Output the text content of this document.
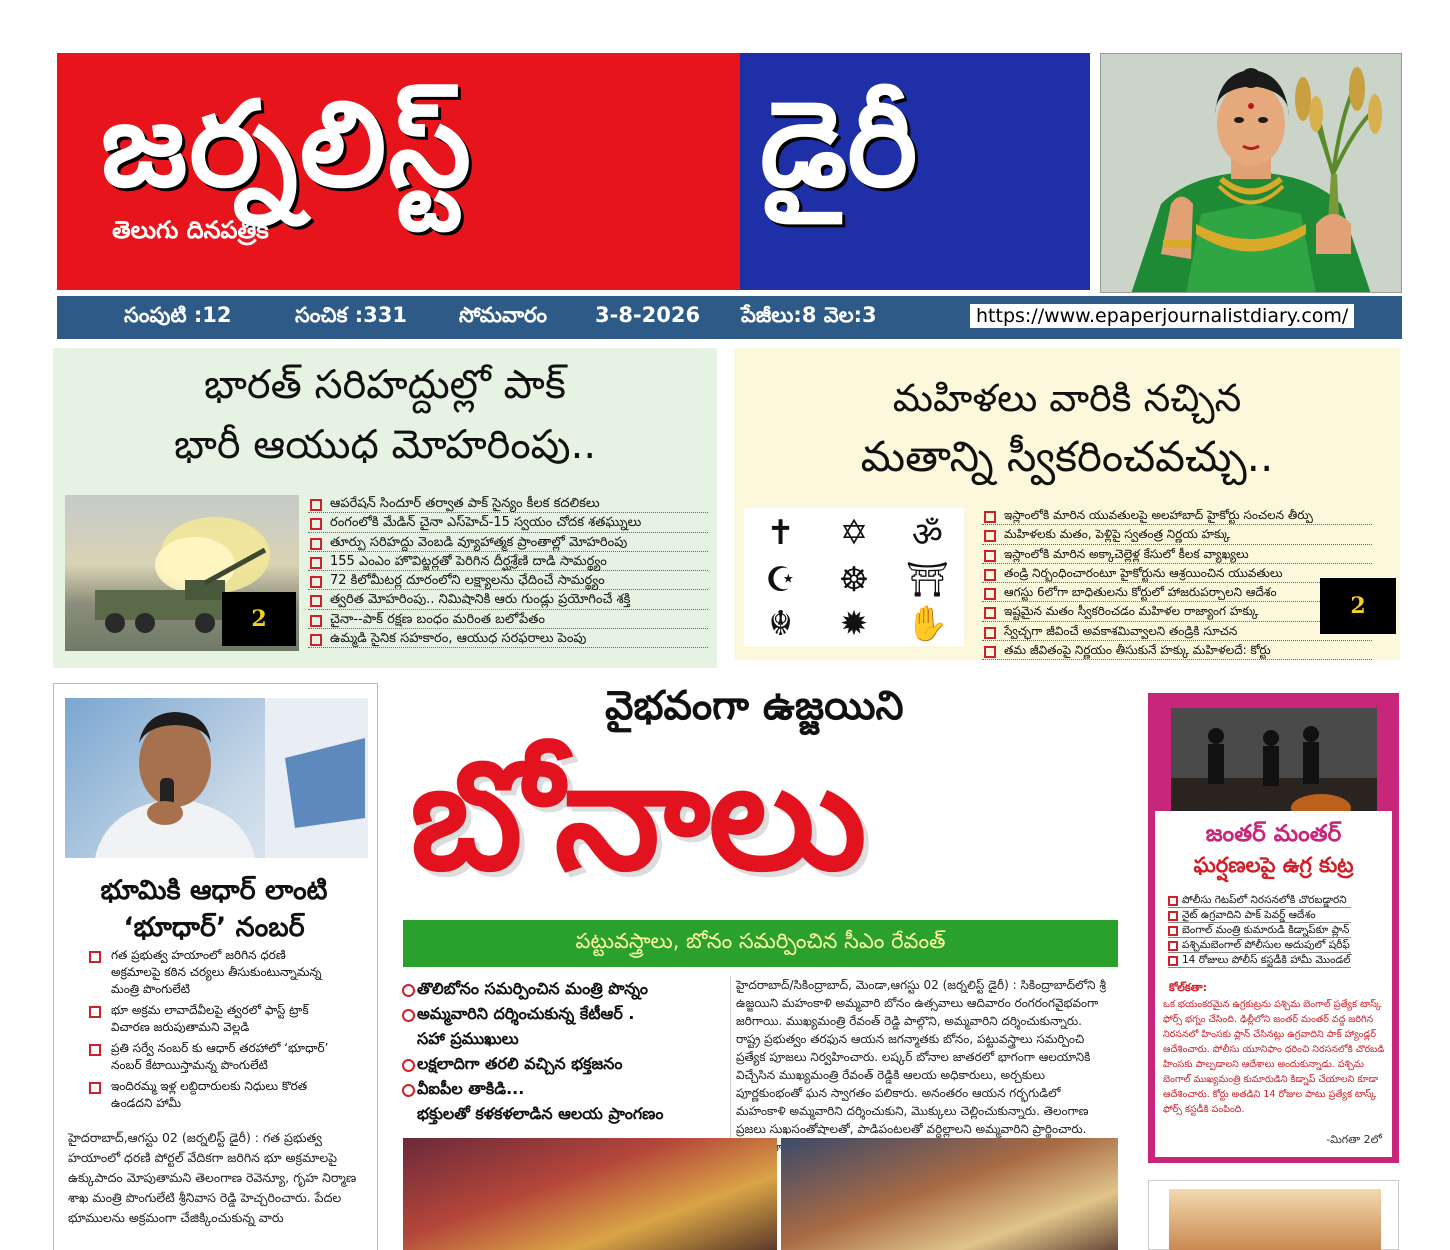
జర్నలిస్ట్
తెలుగు దినపత్రిక
డైరీ
సంపుటి :12	సంచిక :331 సోమవారం 3-8-2026 పేజీలు:8 వెల:3	https://www.epaperjournalistdiary.com/
భారత్ సరిహద్దుల్లో పాక్
భారీ ఆయుధ మోహరింపు..
2
ఆపరేషన్ సిందూర్ తర్వాత పాక్ సైన్యం కీలక కదలికలు
రంగంలోకి మేడిన్ చైనా ఎస్‌హెచ్-15 స్వయం చోదక శతఘ్నులు
తూర్పు సరిహద్దు వెంబడి వ్యూహాత్మక ప్రాంతాల్లో మోహరింపు
155 ఎంఎం హొవిట్జర్లతో పెరిగిన దీర్ఘశ్రేణి దాడి సామర్థ్యం
72 కిలోమీటర్ల దూరంలోని లక్ష్యాలను ఛేదించే సామర్థ్యం
త్వరిత మోహరింపు.. నిమిషానికి ఆరు గుండ్లు ప్రయోగించే శక్తి
చైనా--పాక్ రక్షణ బంధం మరింత బలోపేతం
ఉమ్మడి సైనిక సహకారం, ఆయుధ సరఫరాలు పెంపు
మహిళలు వారికి నచ్చిన
మతాన్ని స్వీకరించవచ్చు..
✝ ✡ ॐ
☪ ☸ ⛩
☬ ✹ ✋
ఇస్లాంలోకి మారిన యువతులపై అలహాబాద్ హైకోర్టు సంచలన తీర్పు
మహిళలకు మతం, పెళ్లిపై స్వతంత్ర నిర్ణయ హక్కు
ఇస్లాంలోకి మారిన అక్కాచెల్లెళ్ల కేసులో కీలక వ్యాఖ్యలు
తండ్రి నిర్బంధించారంటూ హైకోర్టును ఆశ్రయించిన యువతులు
ఆగస్టు 6లోగా బాధితులను కోర్టులో హాజరుపర్చాలని ఆదేశం
ఇష్టమైన మతం స్వీకరించడం మహిళల రాజ్యాంగ హక్కు
స్వేచ్ఛగా జీవించే అవకాశమివ్వాలని తండ్రికి సూచన
తమ జీవితంపై నిర్ణయం తీసుకునే హక్కు మహిళలదే: కోర్టు
2
భూమికి ఆధార్ లాంటి
‘భూధార్’ నంబర్
గత ప్రభుత్వ హయాంలో జరిగిన ధరణి అక్రమాలపై కఠిన చర్యలు తీసుకుంటున్నామన్న మంత్రి పొంగులేటి
భూ అక్రమ లావాదేవీలపై త్వరలో ఫాస్ట్ ట్రాక్ విచారణ జరుపుతామని వెల్లడి
ప్రతి సర్వే నంబర్ కు ఆధార్ తరహాలో ‘భూధార్’ నంబర్ కేటాయిస్తామన్న పొంగులేటి
ఇందిరమ్మ ఇళ్ల లబ్దిదారులకు నిధులు కొరత ఉండదని హామీ
హైదరాబాద్,ఆగస్టు 02 (జర్నలిస్ట్ డైరీ) : గత ప్రభుత్వ హయాంలో ధరణి పోర్టల్ వేదికగా జరిగిన భూ అక్రమాలపై ఉక్కుపాదం మోపుతామని తెలంగాణ రెవెన్యూ, గృహ నిర్మాణ శాఖ మంత్రి పొంగులేటి శ్రీనివాస రెడ్డి హెచ్చరించారు. పేదల భూములను అక్రమంగా చేజిక్కించుకున్న వారు
వైభవంగా ఉజ్జయిని
బోనాలు
పట్టువస్త్రాలు, బోనం సమర్పించిన సీఎం రేవంత్
తొలిబోనం సమర్పించిన మంత్రి పొన్నం
అమ్మవారిని దర్శించుకున్న కేటీఆర్ .
సహా ప్రముఖులు
లక్షలాదిగా తరలి వచ్చిన భక్తజనం
వీఐపీల తాకిడి...
భక్తులతో కళకళలాడిన ఆలయ ప్రాంగణం
హైదరాబాద్/సికింద్రాబాద్, మెండా,ఆగస్టు 02 (జర్నలిస్ట్ డైరీ) : సికింద్రాబాద్‌లోని శ్రీ ఉజ్జయిని మహంకాళి అమ్మవారి బోనం ఉత్సవాలు ఆదివారం రంగరంగవైభవంగా జరిగాయి. ముఖ్యమంత్రి రేవంత్ రెడ్డి పాల్గొని, అమ్మవారిని దర్శించుకున్నారు. రాష్ట్ర ప్రభుత్వం తరఫున ఆయన జగన్మాతకు బోనం, పట్టువస్త్రాలు సమర్పించి ప్రత్యేక పూజలు నిర్వహించారు. లష్కర్ బోనాల జాతరలో భాగంగా ఆలయానికి విచ్చేసిన ముఖ్యమంత్రి రేవంత్ రెడ్డికి ఆలయ అధికారులు, అర్చకులు పూర్ణకుంభంతో ఘన స్వాగతం పలికారు. అనంతరం ఆయన గర్భగుడిలో మహంకాళి అమ్మవారిని దర్శించుకుని, మొక్కులు చెల్లించుకున్నారు. తెలంగాణ ప్రజలు సుఖసంతోషాలతో, పాడిపంటలతో వర్ధిల్లాలని అమ్మవారిని ప్రార్థించారు.
జంతర్ మంతర్
ఘర్షణలపై ఉగ్ర కుట్ర
పోలీసు గెటప్‌లో నిరసనలోకి చొరబడ్డారని
నైట్ ఉగ్రవాదిని పాక్ పెవర్డ్ ఆదేశం
బెంగాల్ మంత్రి కుమారుడి కిడ్నాప్‌కూ ప్లాన్
పశ్చిమబెంగాల్ పోలీసుల అదుపులో షరీఫ్
14 రోజులు పోలీస్ కస్టడీకి హామీ మొండల్
కోల్‌కతా:
ఒక భయంకరమైన ఉగ్రకుట్రను పశ్చిమ బెంగాల్ ప్రత్యేక టాస్క్ ఫోర్స్ భగ్నం చేసింది. ఢిల్లీలోని జంతర్ మంతర్ వద్ద జరిగిన నిరసనలో హింసకు ప్లాన్ చేసినట్లు ఉగ్రవాదిని పాక్ హ్యాండ్లర్ ఆదేశించారు. పోలీసు యూనిఫాం ధరించి నిరసనలోకి చొరబడి హింసకు పాల్పడాలని ఆదేశాలు అందుకున్నాడు. పశ్చిమ బెంగాల్ ముఖ్యమంత్రి కుమారుడిని కిడ్నాప్ చేయాలని కూడా ఆదేశించారు. కోర్టు అతడిని 14 రోజుల పాటు ప్రత్యేక టాస్క్ ఫోర్స్ కస్టడీకి పంపింది.
-మిగతా 2లో
